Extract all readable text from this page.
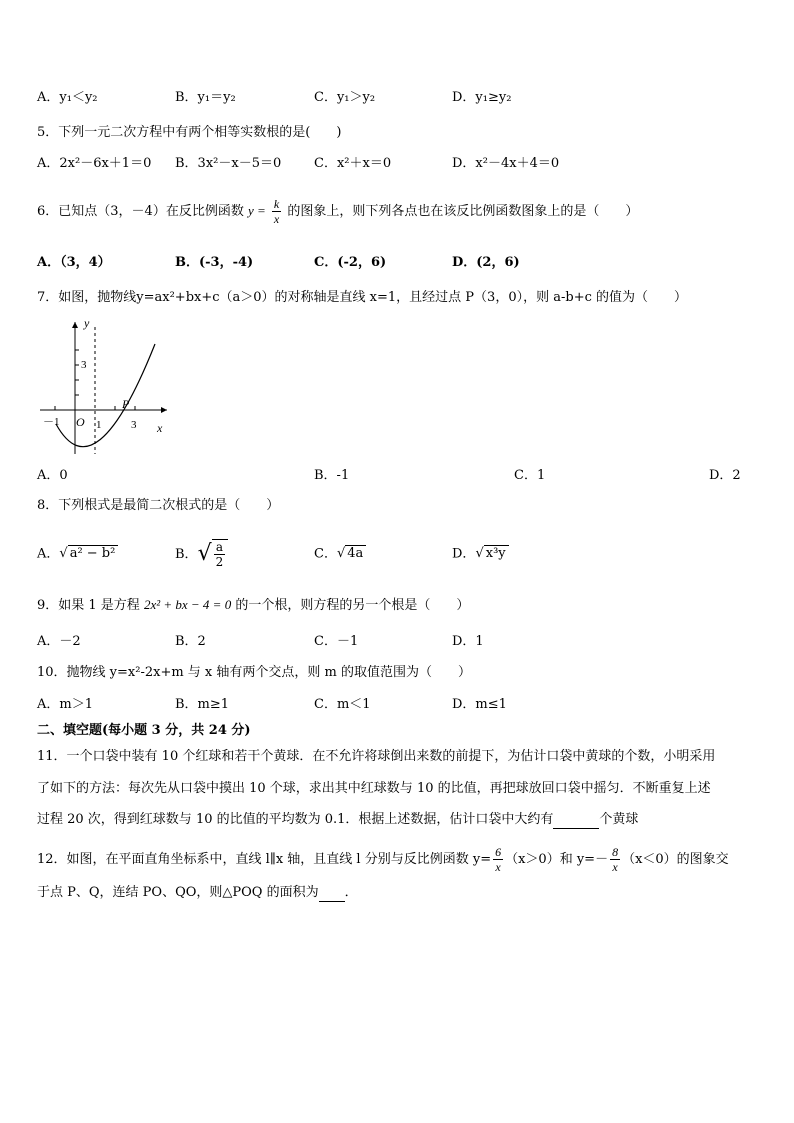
A．y₁＜y₂	B．y₁＝y₂	C．y₁＞y₂	D．y₁≥y₂
5．下列一元二次方程中有两个相等实数根的是(　　)
A．2x²－6x＋1＝0 B．3x²－x－5＝0	C．x²＋x＝0	D．x²－4x＋4＝0
6．已知点（3，－4）在反比例函数 $y = \frac{k}{x}$ 的图象上，则下列各点也在该反比例函数图象上的是（　　）
A．（3，4）	B．(-3，-4)	C．(-2，6)	D．(2，6)
7．如图，抛物线y=ax²+bx+c（a＞0）的对称轴是直线 x=1，且经过点 P（3，0），则 a-b+c 的值为（　　）
y
x
O
P
3
－1	1	3
A．0	B．-1	C．1	D．2
8．下列根式是最简二次根式的是（　　）
A．√ a² − b²	B．√ $\frac{a}{2}$	C．√ 4a	D．√ x³y
9．如果 1 是方程 2x² + bx − 4 = 0 的一个根，则方程的另一个根是（　　）
A．－2	B．2	C．－1	D．1
10．抛物线 y=x²-2x+m 与 x 轴有两个交点，则 m 的取值范围为（　　）
A．m＞1	B．m≥1	C．m＜1	D．m≤1
二、填空题(每小题 3 分，共 24 分)
11．一个口袋中装有 10 个红球和若干个黄球．在不允许将球倒出来数的前提下，为估计口袋中黄球的个数，小明采用
了如下的方法：每次先从口袋中摸出 10 个球，求出其中红球数与 10 的比值，再把球放回口袋中摇匀．不断重复上述
过程 20 次，得到红球数与 10 的比值的平均数为 0.1．根据上述数据，估计口袋中大约有	个黄球
12．如图，在平面直角坐标系中，直线 l∥x 轴，且直线 l 分别与反比例函数 $y= \frac{6}{x} (x>0)$和 $y=- \frac{8}{x} (x<0)$的图象交
于点 P、Q，连结 PO、QO，则△POQ 的面积为 ．
